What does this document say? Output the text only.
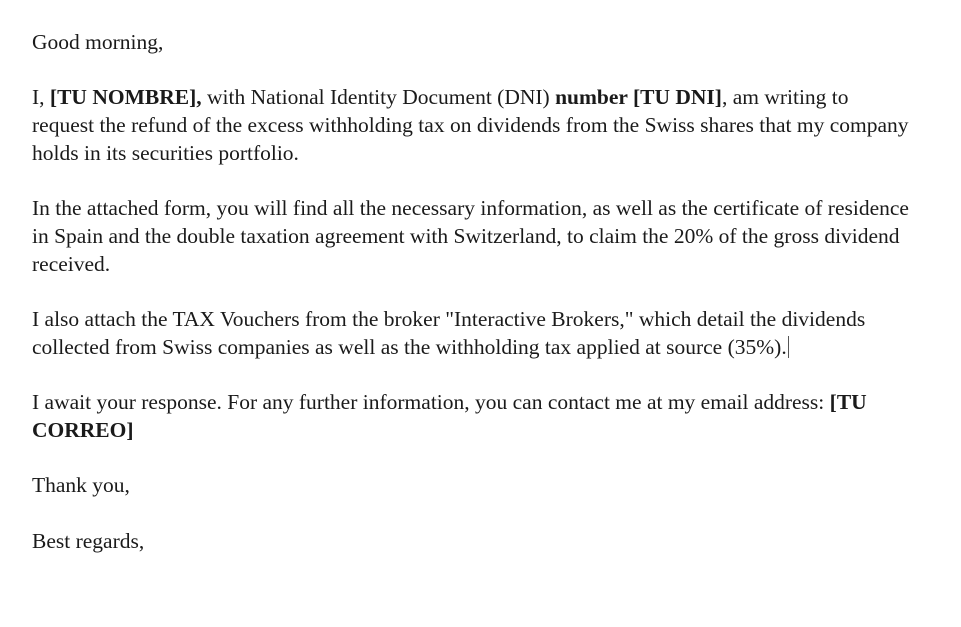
Good morning,

I, [TU NOMBRE], with National Identity Document (DNI) number [TU DNI], am writing to request the refund of the excess withholding tax on dividends from the Swiss shares that my company holds in its securities portfolio.

In the attached form, you will find all the necessary information, as well as the certificate of residence in Spain and the double taxation agreement with Switzerland, to claim the 20% of the gross dividend received.

I also attach the TAX Vouchers from the broker "Interactive Brokers," which detail the dividends collected from Swiss companies as well as the withholding tax applied at source (35%).

I await your response. For any further information, you can contact me at my email address: [TU CORREO]

Thank you,

Best regards,
